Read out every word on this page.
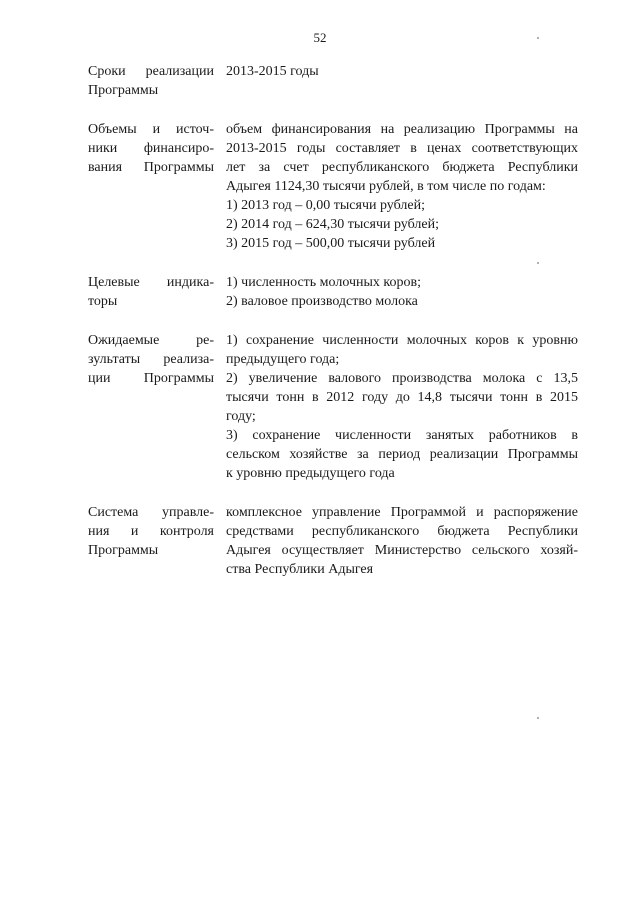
52
Сроки реализации
Программы
2013-2015 годы
Объемы и источ-
ники финансиро-
вания Программы
объем финансирования на реализацию Программы на
2013-2015 годы составляет в ценах соответствующих
лет за счет республиканского бюджета Республики
Адыгея 1124,30 тысячи рублей, в том числе по годам:
1) 2013 год – 0,00 тысячи рублей;
2) 2014 год – 624,30 тысячи рублей;
3) 2015 год – 500,00 тысячи рублей
Целевые индика-
торы
1) численность молочных коров;
2) валовое производство молока
Ожидаемые ре-
зультаты реализа-
ции Программы
1) сохранение численности молочных коров к уровню
предыдущего года;
2) увеличение валового производства молока с 13,5
тысячи тонн в 2012 году до 14,8 тысячи тонн в 2015
году;
3) сохранение численности занятых работников в
сельском хозяйстве за период реализации Программы
к уровню предыдущего года
Система управле-
ния и контроля
Программы
комплексное управление Программой и распоряжение
средствами республиканского бюджета Республики
Адыгея осуществляет Министерство сельского хозяй-
ства Республики Адыгея
